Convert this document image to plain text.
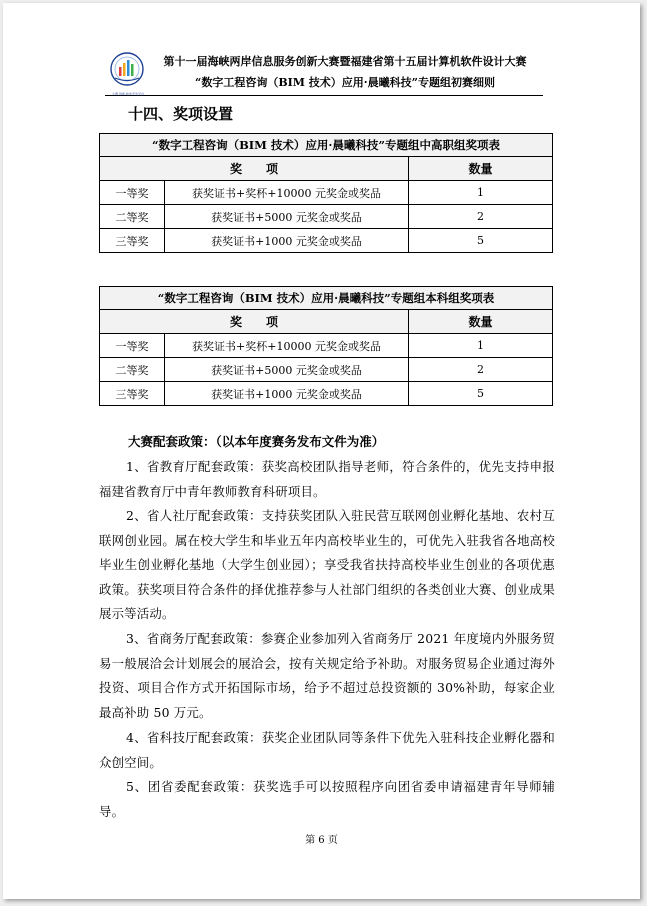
大赛 创新·软件开发平台
第十一届海峡两岸信息服务创新大赛暨福建省第十五届计算机软件设计大赛
“数字工程咨询（BIM 技术）应用·晨曦科技”专题组初赛细则
十四、奖项设置
“数字工程咨询（BIM 技术）应用·晨曦科技”专题组中高职组奖项表		
奖　　项		数量
一等奖	获奖证书+奖杯+10000 元奖金或奖品	1
二等奖	获奖证书+5000 元奖金或奖品	2
三等奖	获奖证书+1000 元奖金或奖品	5
“数字工程咨询（BIM 技术）应用·晨曦科技”专题组本科组奖项表		
奖　　项		数量
一等奖	获奖证书+奖杯+10000 元奖金或奖品	1
二等奖	获奖证书+5000 元奖金或奖品	2
三等奖	获奖证书+1000 元奖金或奖品	5
大赛配套政策：（以本年度赛务发布文件为准）
1、省教育厅配套政策：获奖高校团队指导老师，符合条件的，优先支持申报福建省教育厅中青年教师教育科研项目。
2、省人社厅配套政策：支持获奖团队入驻民营互联网创业孵化基地、农村互联网创业园。属在校大学生和毕业五年内高校毕业生的，可优先入驻我省各地高校毕业生创业孵化基地（大学生创业园）；享受我省扶持高校毕业生创业的各项优惠政策。获奖项目符合条件的择优推荐参与人社部门组织的各类创业大赛、创业成果展示等活动。
3、省商务厅配套政策：参赛企业参加列入省商务厅 2021 年度境内外服务贸易一般展洽会计划展会的展洽会，按有关规定给予补助。对服务贸易企业通过海外投资、项目合作方式开拓国际市场，给予不超过总投资额的 30%补助，每家企业最高补助 50 万元。
4、省科技厅配套政策：获奖企业团队同等条件下优先入驻科技企业孵化器和众创空间。
5、团省委配套政策：获奖选手可以按照程序向团省委申请福建青年导师辅导。
第 6 页
